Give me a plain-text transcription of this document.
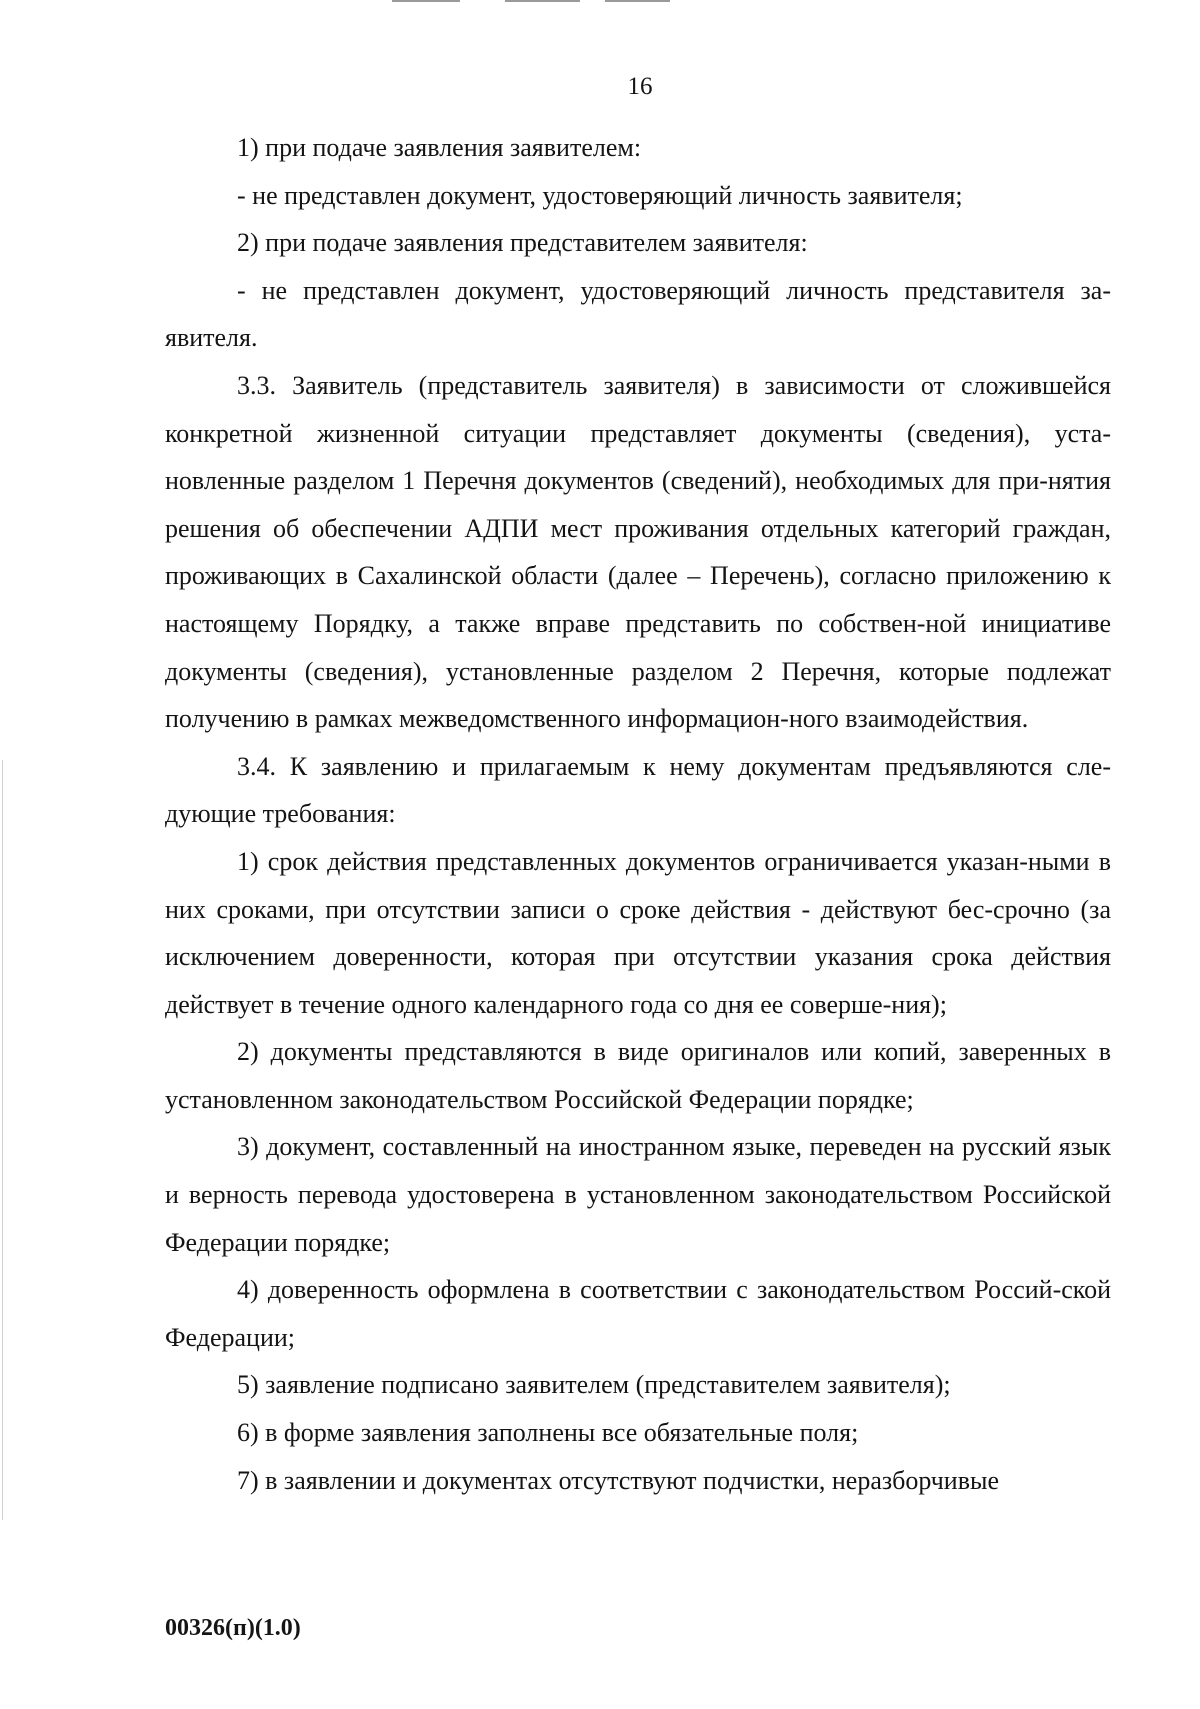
16

1) при подаче заявления заявителем:

- не представлен документ, удостоверяющий личность заявителя;

2) при подаче заявления представителем заявителя:

- не представлен документ, удостоверяющий личность представителя за-явителя.

3.3. Заявитель (представитель заявителя) в зависимости от сложившейся конкретной жизненной ситуации представляет документы (сведения), уста-новленные разделом 1 Перечня документов (сведений), необходимых для при-нятия решения об обеспечении АДПИ мест проживания отдельных категорий граждан, проживающих в Сахалинской области (далее – Перечень), согласно приложению к настоящему Порядку, а также вправе представить по собствен-ной инициативе документы (сведения), установленные разделом 2 Перечня, которые подлежат получению в рамках межведомственного информацион-ного взаимодействия.

3.4. К заявлению и прилагаемым к нему документам предъявляются сле-дующие требования:

1) срок действия представленных документов ограничивается указан-ными в них сроками, при отсутствии записи о сроке действия - действуют бес-срочно (за исключением доверенности, которая при отсутствии указания срока действия действует в течение одного календарного года со дня ее соверше-ния);

2) документы представляются в виде оригиналов или копий, заверенных в установленном законодательством Российской Федерации порядке;

3) документ, составленный на иностранном языке, переведен на русский язык и верность перевода удостоверена в установленном законодательством Российской Федерации порядке;

4) доверенность оформлена в соответствии с законодательством Россий-ской Федерации;

5) заявление подписано заявителем (представителем заявителя);

6) в форме заявления заполнены все обязательные поля;

7) в заявлении и документах отсутствуют подчистки, неразборчивые

00326(п)(1.0)
